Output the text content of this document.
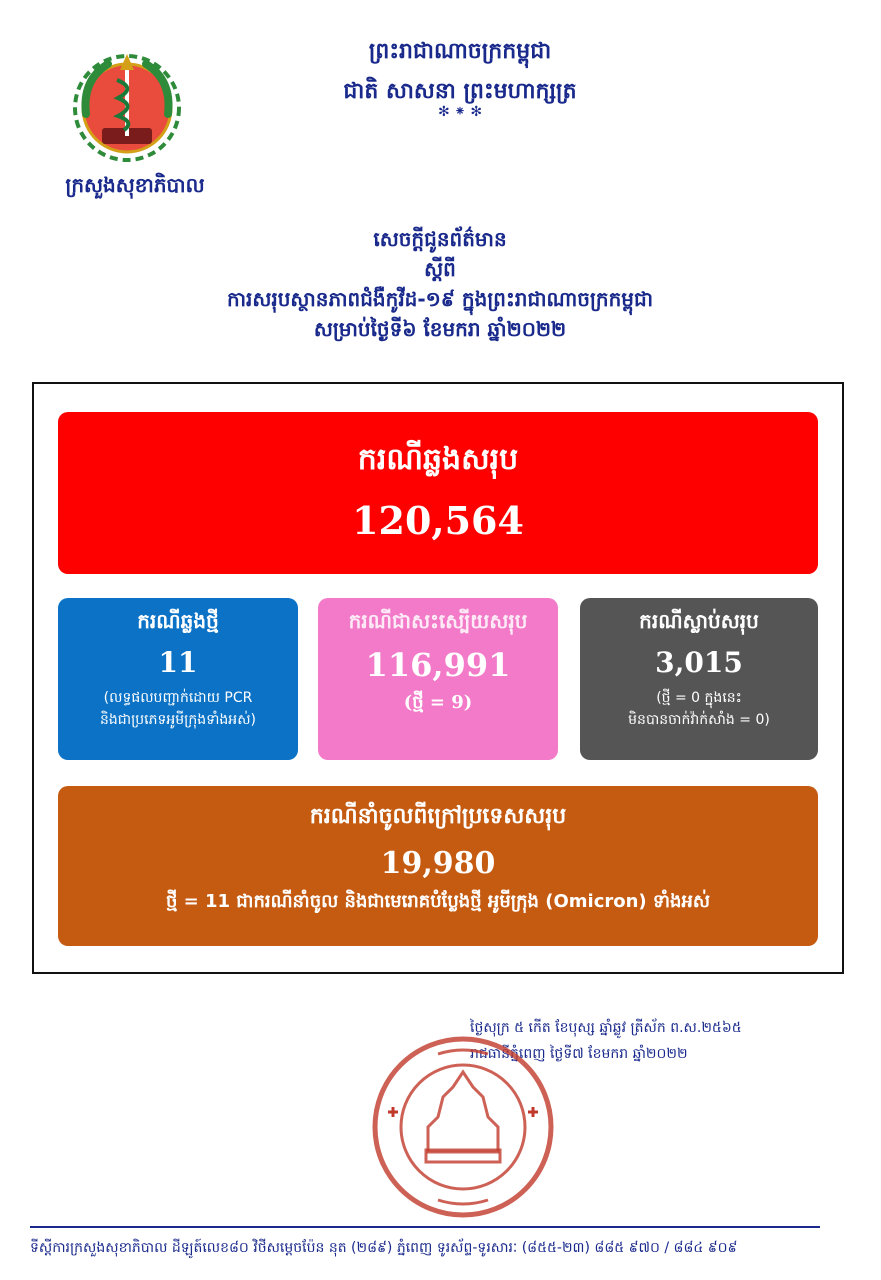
ក្រសួងសុខាភិបាល
ព្រះរាជាណាចក្រកម្ពុជា
ជាតិ សាសនា ព្រះមហាក្សត្រ
✻ ⁕ ✻
សេចក្តីជូនព័ត៌មាន
ស្តីពី
ការសរុបស្ថានភាពជំងឺកូវីដ-១៩ ក្នុងព្រះរាជាណាចក្រកម្ពុជា
សម្រាប់ថ្ងៃទី៦ ខែមករា ឆ្នាំ២០២២
ករណីឆ្លងសរុប
120,564
ករណីឆ្លងថ្មី
11
(លទ្ធផលបញ្ជាក់ដោយ PCR
និងជាប្រភេទអូមីក្រុងទាំងអស់)
ករណីជាសះស្បើយសរុប
116,991
(ថ្មី = 9)
ករណីស្លាប់សរុប
3,015
(ថ្មី = 0 ក្នុងនេះ
មិនបានចាក់វ៉ាក់សាំង = 0)
ករណីនាំចូលពីក្រៅប្រទេសសរុប
19,980
ថ្មី = 11 ជាករណីនាំចូល និងជាមេរោគបំប្លែងថ្មី អូមីក្រុង (Omicron) ទាំងអស់
ថ្ងៃសុក្រ ៥ កើត ខែបុស្ស ឆ្នាំឆ្លូវ ត្រីស័ក ព.ស.២៥៦៥
រាជធានីភ្នំពេញ ថ្ងៃទី៧ ខែមករា ឆ្នាំ២០២២
ទីស្តីការក្រសួងសុខាភិបាល ដីឡូត៍លេខ៨០ វិថីសម្តេចប៉ែន នុត (២៨៩) ភ្នំពេញ ទូរស័ព្ទ-ទូរសារៈ (៨៥៥-២៣) ៨៨៥ ៩៧០ / ៨៨៤ ៩០៩
